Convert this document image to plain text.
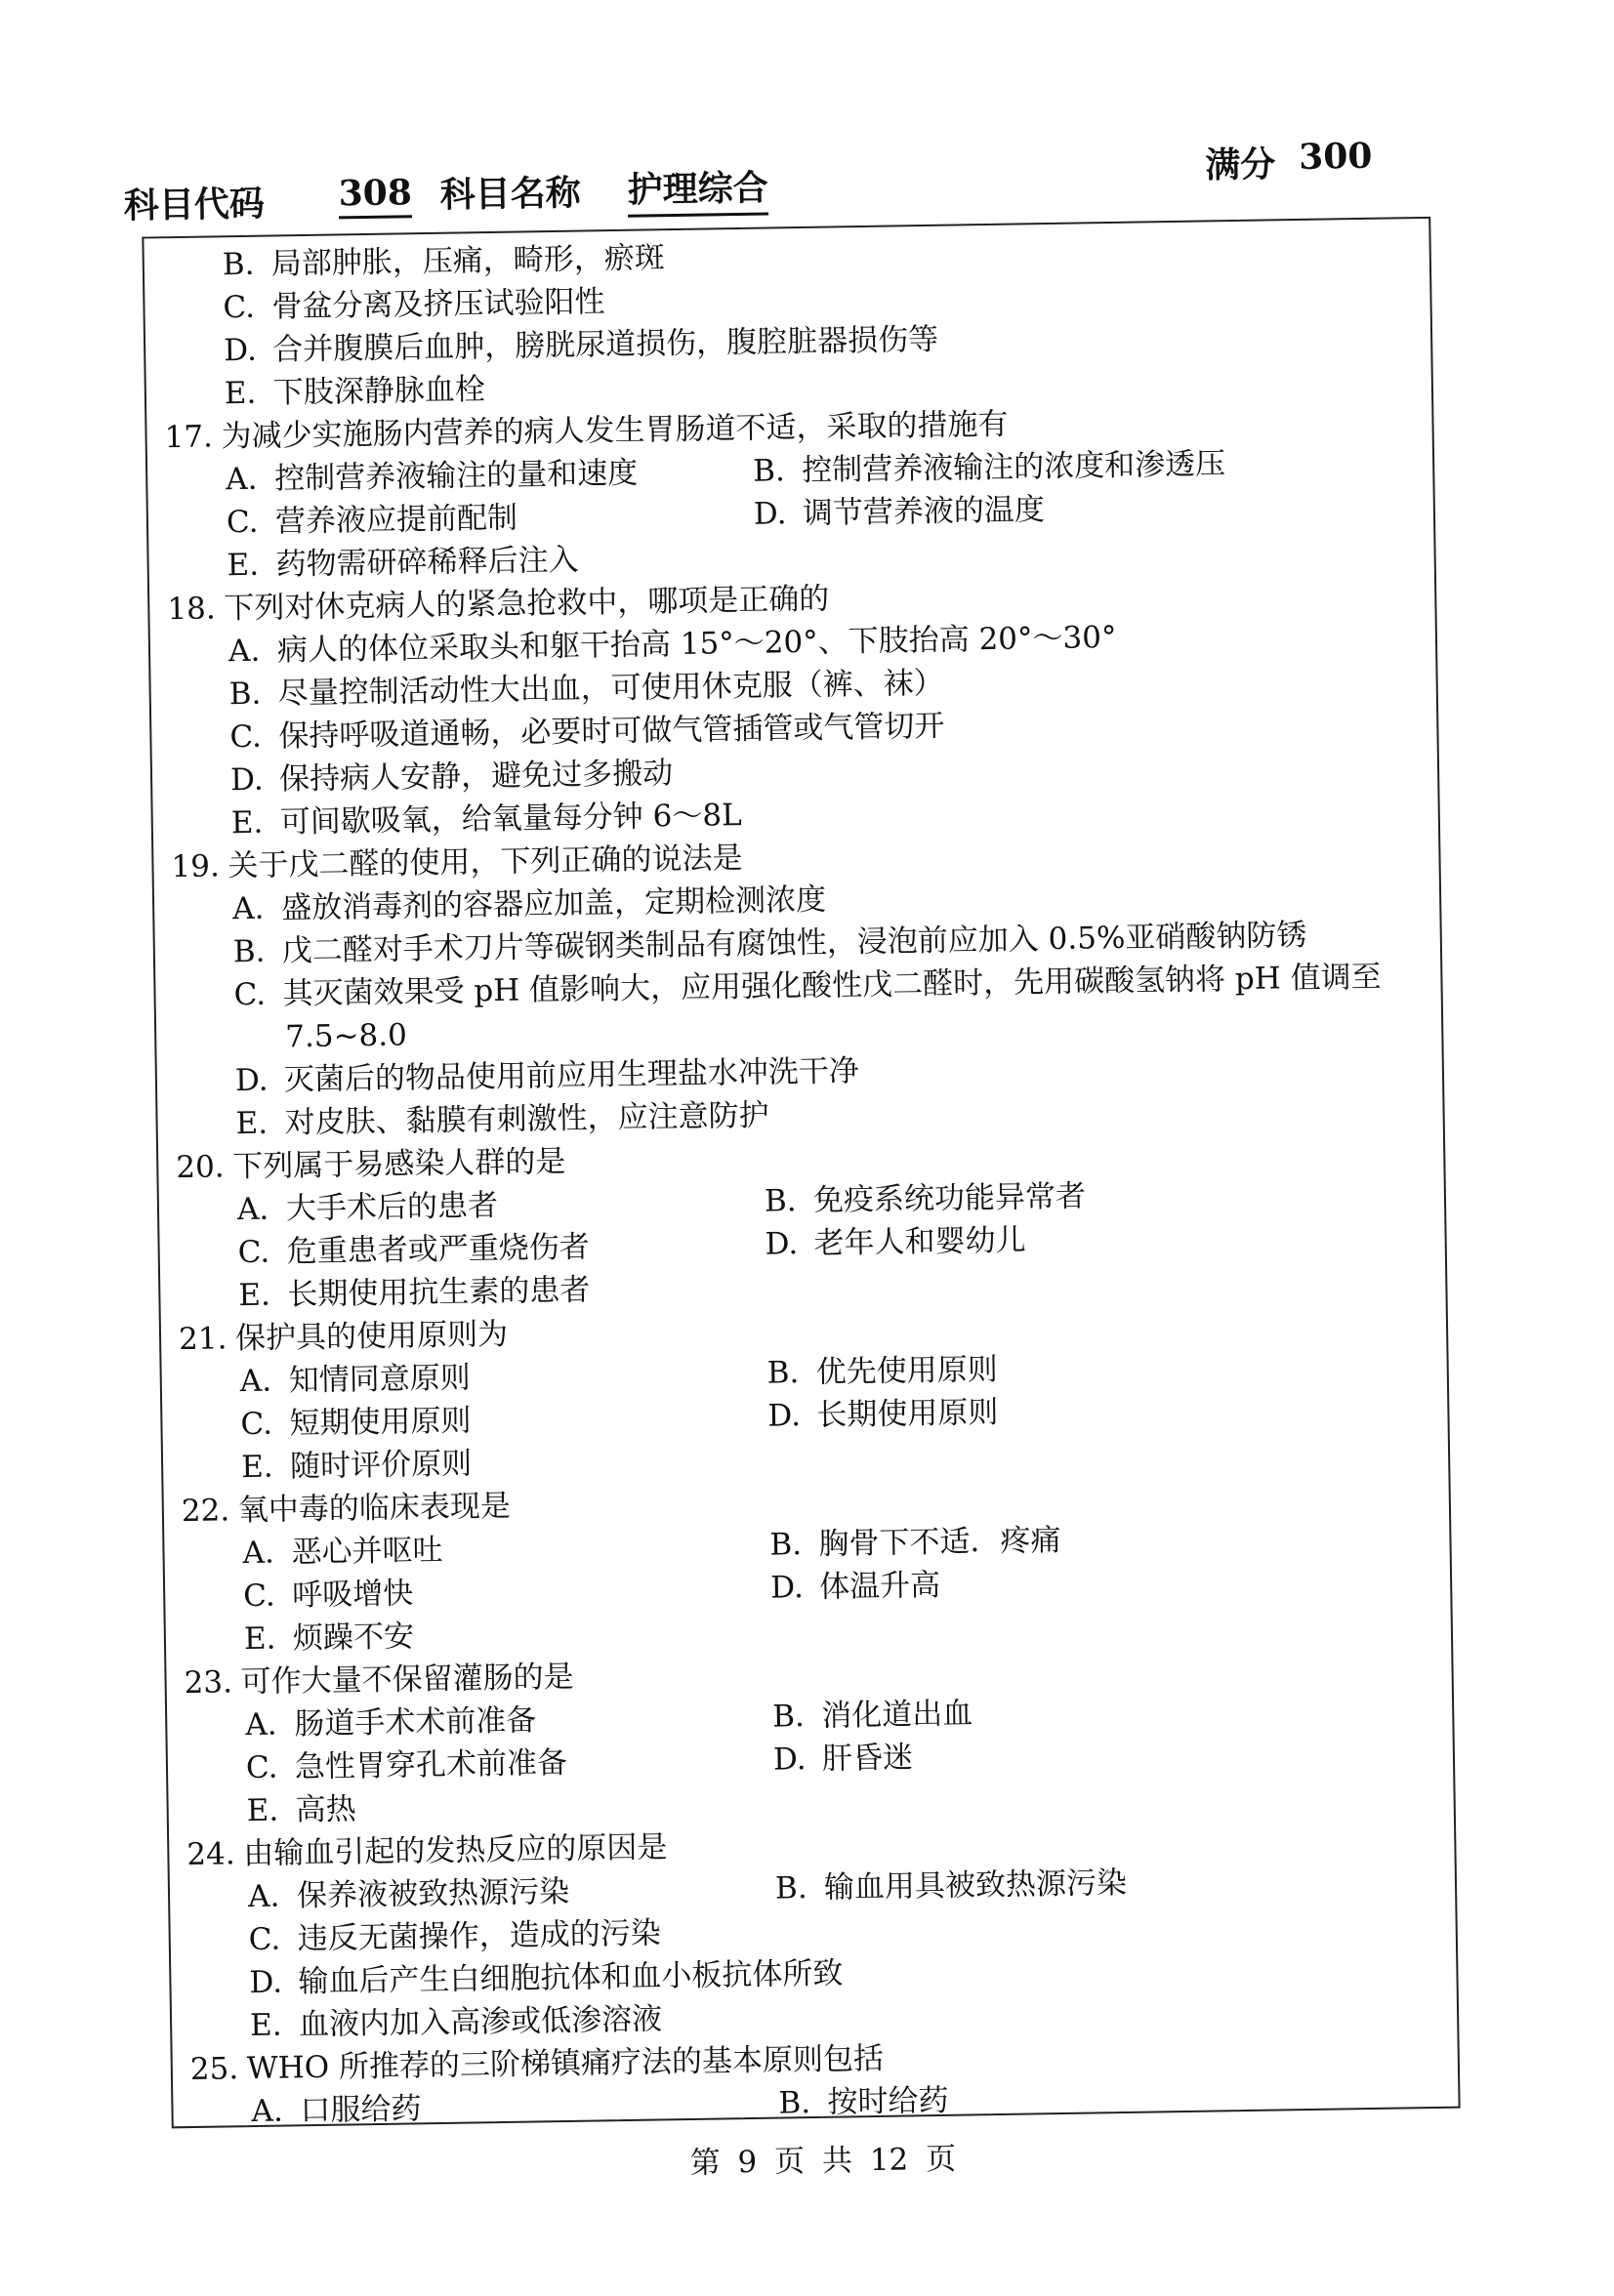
科目代码 308 科目名称 护理综合
满分 300
B. 局部肿胀，压痛，畸形，瘀斑
C. 骨盆分离及挤压试验阳性
D. 合并腹膜后血肿，膀胱尿道损伤，腹腔脏器损伤等
E. 下肢深静脉血栓
17. 为减少实施肠内营养的病人发生胃肠道不适，采取的措施有
A. 控制营养液输注的量和速度	B. 控制营养液输注的浓度和渗透压
C. 营养液应提前配制	D. 调节营养液的温度
E. 药物需研碎稀释后注入
18. 下列对休克病人的紧急抢救中，哪项是正确的
A. 病人的体位采取头和躯干抬高 15°～20°、下肢抬高 20°～30°
B. 尽量控制活动性大出血，可使用休克服（裤、袜）
C. 保持呼吸道通畅，必要时可做气管插管或气管切开
D. 保持病人安静，避免过多搬动
E. 可间歇吸氧，给氧量每分钟 6～8L
19. 关于戊二醛的使用，下列正确的说法是
A. 盛放消毒剂的容器应加盖，定期检测浓度
B. 戊二醛对手术刀片等碳钢类制品有腐蚀性，浸泡前应加入 0.5%亚硝酸钠防锈
C. 其灭菌效果受 pH 值影响大，应用强化酸性戊二醛时，先用碳酸氢钠将 pH 值调至
7.5~8.0
D. 灭菌后的物品使用前应用生理盐水冲洗干净
E. 对皮肤、黏膜有刺激性，应注意防护
20. 下列属于易感染人群的是
A. 大手术后的患者	B. 免疫系统功能异常者
C. 危重患者或严重烧伤者	D. 老年人和婴幼儿
E. 长期使用抗生素的患者
21. 保护具的使用原则为
A. 知情同意原则	B. 优先使用原则
C. 短期使用原则	D. 长期使用原则
E. 随时评价原则
22. 氧中毒的临床表现是
A. 恶心并呕吐	B. 胸骨下不适．疼痛
C. 呼吸增快	D. 体温升高
E. 烦躁不安
23. 可作大量不保留灌肠的是
A. 肠道手术术前准备	B. 消化道出血
C. 急性胃穿孔术前准备	D. 肝昏迷
E. 高热
24. 由输血引起的发热反应的原因是
A. 保养液被致热源污染	B. 输血用具被致热源污染
C. 违反无菌操作，造成的污染
D. 输血后产生白细胞抗体和血小板抗体所致
E. 血液内加入高渗或低渗溶液
25. WHO 所推荐的三阶梯镇痛疗法的基本原则包括
A. 口服给药	B. 按时给药
第 9 页 共 12 页
